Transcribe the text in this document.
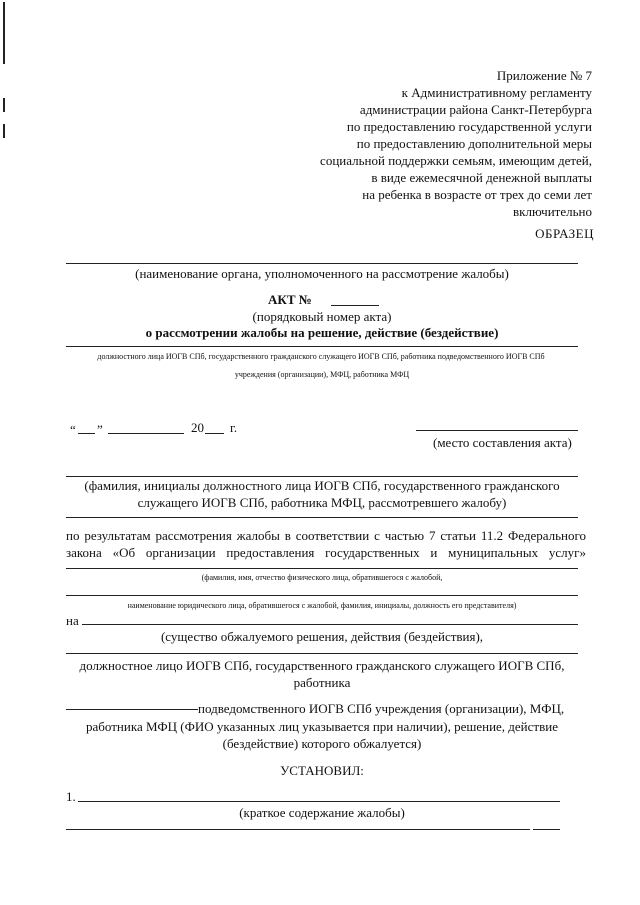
Приложение № 7
к Административному регламенту
администрации района Санкт-Петербурга
по предоставлению государственной услуги
по предоставлению дополнительной меры
социальной поддержки семьям, имеющим детей,
в виде ежемесячной денежной выплаты
на ребенка в возрасте от трех до семи лет
включительно
ОБРАЗЕЦ
(наименование органа, уполномоченного на рассмотрение жалобы)
АКТ №
(порядковый номер акта)
о рассмотрении жалобы на решение, действие (бездействие)
должностного лица ИОГВ СПб, государственного гражданского служащего ИОГВ СПб, работника подведомственного ИОГВ СПб
учреждения (организации), МФЦ, работника МФЦ
“ ”	20 г.
(место составления акта)
(фамилия, инициалы должностного лица ИОГВ СПб, государственного гражданского
служащего ИОГВ СПб, работника МФЦ, рассмотревшего жалобу)
по результатам рассмотрения жалобы в соответствии с частью 7 статьи 11.2 Федерального
закона «Об организации предоставления государственных и муниципальных услуг»
(фамилия, имя, отчество физического лица, обратившегося с жалобой,
наименование юридического лица, обратившегося с жалобой, фамилия, инициалы, должность его представителя)
на
(существо обжалуемого решения, действия (бездействия),
должностное лицо ИОГВ СПб, государственного гражданского служащего ИОГВ СПб,
работника
подведомственного ИОГВ СПб учреждения (организации), МФЦ,
работника МФЦ (ФИО указанных лиц указывается при наличии), решение, действие
(бездействие) которого обжалуется)
УСТАНОВИЛ:
1.
(краткое содержание жалобы)
